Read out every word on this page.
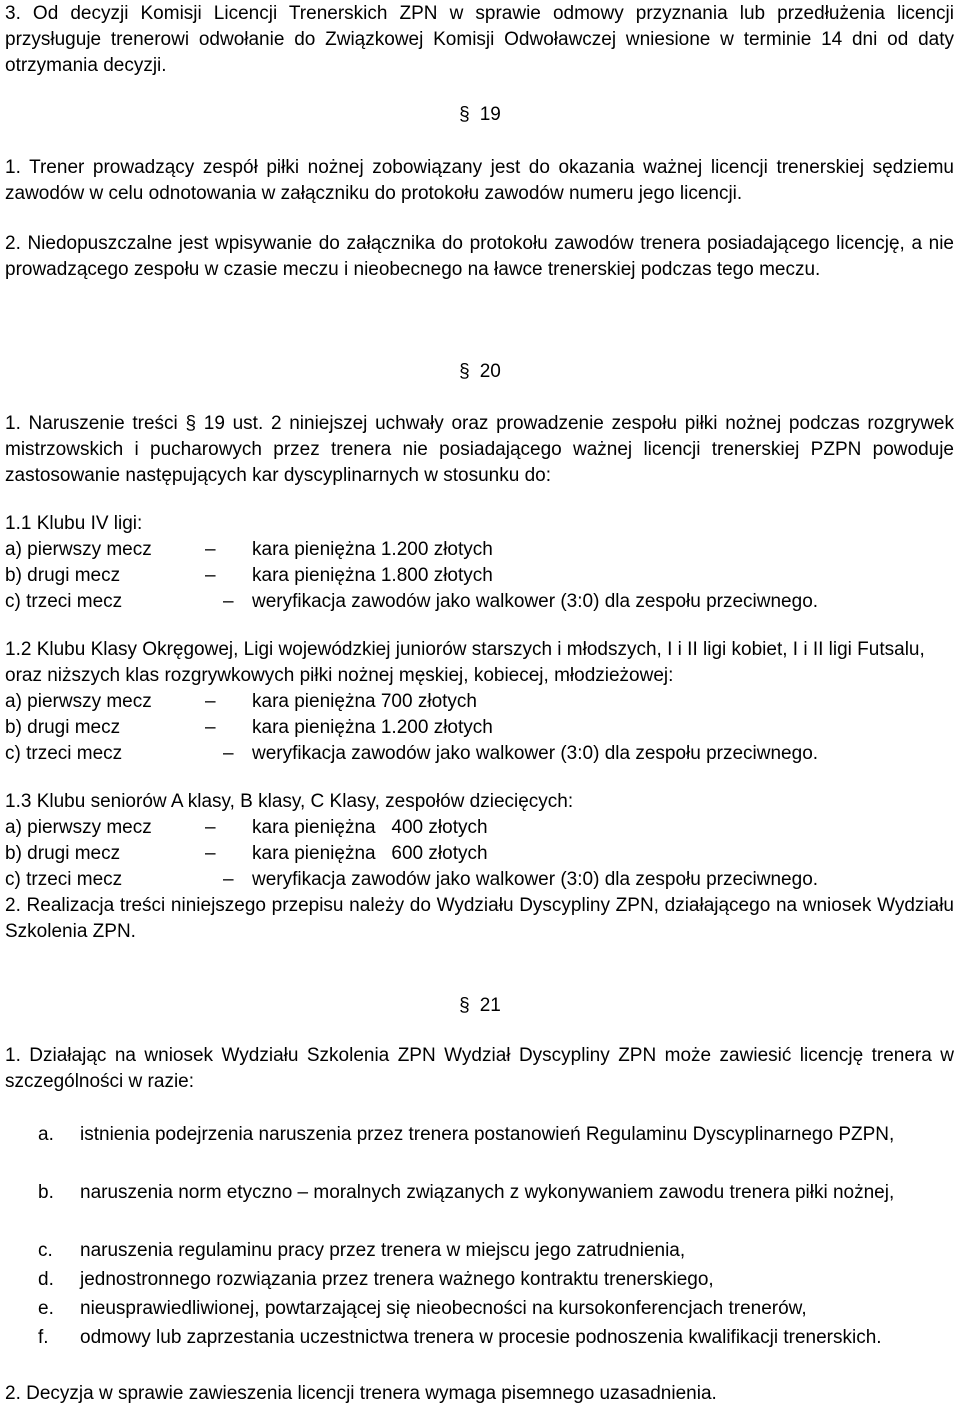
3. Od decyzji Komisji Licencji Trenerskich ZPN w sprawie odmowy przyznania lub przedłużenia licencji przysługuje trenerowi odwołanie do Związkowej Komisji Odwoławczej wniesione w terminie 14 dni od daty otrzymania decyzji.

§ 19

1. Trener prowadzący zespół piłki nożnej zobowiązany jest do okazania ważnej licencji trenerskiej sędziemu zawodów w celu odnotowania w załączniku do protokołu zawodów numeru jego licencji.

2. Niedopuszczalne jest wpisywanie do załącznika do protokołu zawodów trenera posiadającego licencję, a nie prowadzącego zespołu w czasie meczu i nieobecnego na ławce trenerskiej podczas tego meczu.

§ 20

1. Naruszenie treści § 19 ust. 2 niniejszej uchwały oraz prowadzenie zespołu piłki nożnej podczas rozgrywek mistrzowskich i pucharowych przez trenera nie posiadającego ważnej licencji trenerskiej PZPN powoduje zastosowanie następujących kar dyscyplinarnych w stosunku do:

1.1 Klubu IV ligi:

a) pierwszy mecz	– kara pieniężna 1.200 złotych
b) drugi mecz	– kara pieniężna 1.800 złotych
c) trzeci mecz	– weryfikacja zawodów jako walkower (3:0) dla zespołu przeciwnego.

1.2 Klubu Klasy Okręgowej, Ligi wojewódzkiej juniorów starszych i młodszych, I i II ligi kobiet, I i II ligi Futsalu, oraz niższych klas rozgrywkowych piłki nożnej męskiej, kobiecej, młodzieżowej:

a) pierwszy mecz	– kara pieniężna 700 złotych
b) drugi mecz	– kara pieniężna 1.200 złotych
c) trzeci mecz	– weryfikacja zawodów jako walkower (3:0) dla zespołu przeciwnego.

1.3 Klubu seniorów A klasy, B klasy, C Klasy, zespołów dziecięcych:

a) pierwszy mecz	– kara pieniężna   400 złotych
b) drugi mecz	– kara pieniężna   600 złotych
c) trzeci mecz	– weryfikacja zawodów jako walkower (3:0) dla zespołu przeciwnego.

2. Realizacja treści niniejszego przepisu należy do Wydziału Dyscypliny ZPN, działającego na wniosek Wydziału Szkolenia ZPN.

§ 21

1. Działając na wniosek Wydziału Szkolenia ZPN Wydział Dyscypliny ZPN może zawiesić licencję trenera w szczególności w razie:

a. istnienia podejrzenia naruszenia przez trenera postanowień Regulaminu Dyscyplinarnego PZPN,
b. naruszenia norm etyczno – moralnych związanych z wykonywaniem zawodu trenera piłki nożnej,
c. naruszenia regulaminu pracy przez trenera w miejscu jego zatrudnienia,
d. jednostronnego rozwiązania przez trenera ważnego kontraktu trenerskiego,
e. nieusprawiedliwionej, powtarzającej się nieobecności na kursokonferencjach trenerów,
f. odmowy lub zaprzestania uczestnictwa trenera w procesie podnoszenia kwalifikacji trenerskich.

2. Decyzja w sprawie zawieszenia licencji trenera wymaga pisemnego uzasadnienia.
